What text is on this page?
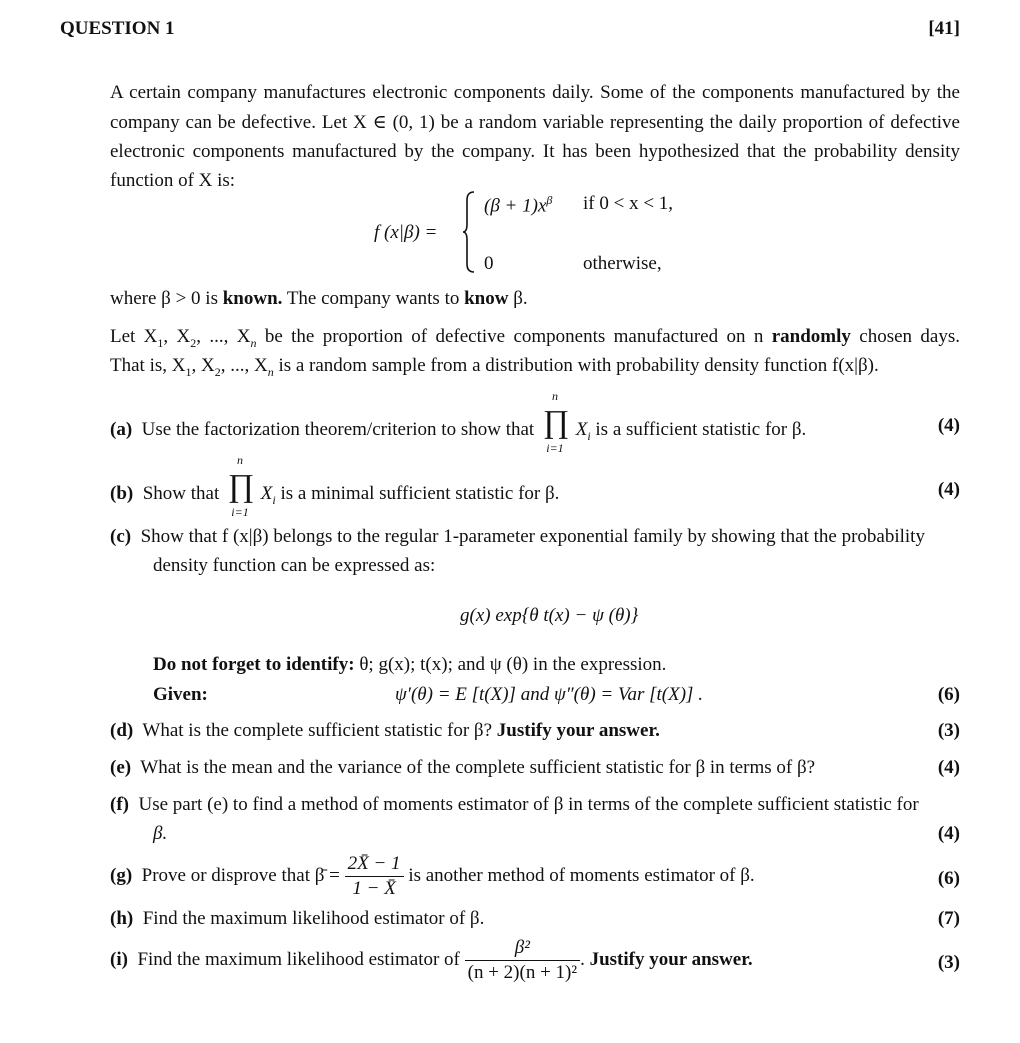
QUESTION 1	[41]
A certain company manufactures electronic components daily. Some of the components manufactured by the
company can be defective. Let X ∈ (0, 1) be a random variable representing the daily proportion of defective
electronic components manufactured by the company. It has been hypothesized that the probability density
function of X is:
f (x|β) =
$(\beta + 1)x^\beta$ if 0 < x < 1,
0	otherwise,
where β > 0 is known. The company wants to know β.
Let $X_1$, $X_2$, ..., $X_n$ be the proportion of defective components manufactured on n randomly chosen days.
That is, $X_1$, $X_2$, ..., $X_n$ is a random sample from a distribution with probability density function f(x|β).
(a) Use the factorization theorem/criterion to show that
n
∏
i=1
$X_i$ is a sufficient statistic for β.	(4)
(b) Show that
n
∏
i=1
$X_i$ is a minimal sufficient statistic for β.	(4)
(c) Show that f (x|β) belongs to the regular 1-parameter exponential family by showing that the probability
density function can be expressed as:
g(x) exp{θ t(x) − ψ (θ)}
Do not forget to identify: θ; g(x); t(x); and ψ (θ) in the expression.
Given:	ψ′(θ) = E [t(X)] and ψ″(θ) = Var [t(X)] .	(6)
(d) What is the complete sufficient statistic for β? Justify your answer.	(3)
(e) What is the mean and the variance of the complete sufficient statistic for β in terms of β?	(4)
(f) Use part (e) to find a method of moments estimator of β in terms of the complete sufficient statistic for
β.	(4)
(g) Prove or disprove that β̄ = $\frac{2X̄ - 1}{1 - X̄}$ is another method of moments estimator of β.	(6)
(h) Find the maximum likelihood estimator of β.	(7)
(i) Find the maximum likelihood estimator of $\frac{\text{β²}}{\text{(n + 2)(n + 1)²}}$ . Justify your answer.	(3)
